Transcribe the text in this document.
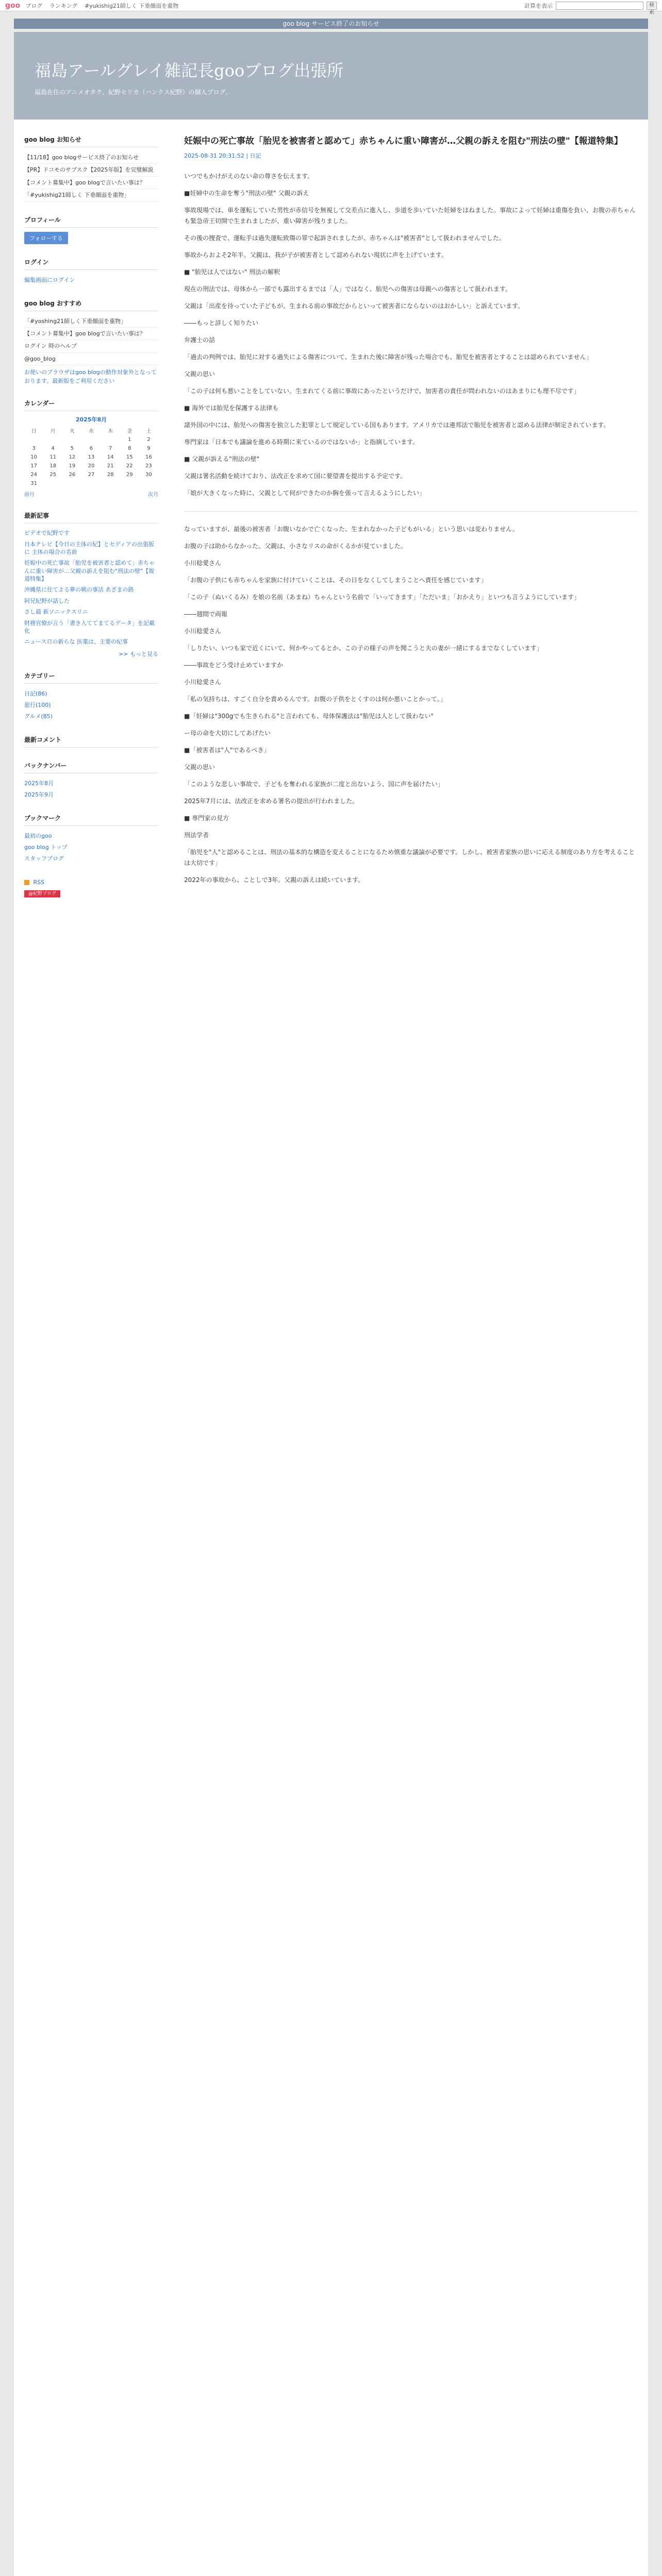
goo ブログ ランキング #yukishig21師しく 下垂顔面を重物	計算を表示	検索
goo blog サービス終了のお知らせ
福島アールグレイ雑記長gooブログ出張所
福島在住のアニメオタク、紀野セリカ（ハンクス紀野）の個人ブログ。
goo blog お知らせ
【11/18】goo blogサービス終了のお知らせ
【PR】ドコモのサブスク【2025年版】を完璧解説
【コメント募集中】goo blogで言いたい事は？
「#yukishig21師しく 下垂顔面を重物」
プロフィール
フォローする
ログイン
編集画面にログイン
goo blog おすすめ
「#yoshing21師しく下垂顔面を重物」
【コメント募集中】goo blogで言いたい事は？
ログイン 時のヘルプ
@goo_blog
お使いのブラウザはgoo blogの動作対象外となっております。最新版をご利用ください
カレンダー
2025年8月
日	月	火	水	木	金	土
					1	2
3	4	5	6	7	8	9
10	11	12	13	14	15	16
17	18	19	20	21	22	23
24	25	26	27	28	29	30
31						
前月	次月
最新記事
ビデオで紀野です
日本テレビ【今日の主体の紀】とセディアの出張版に 主体の場合の名前
妊娠中の死亡事故「胎児を被害者と認めて」赤ちゃんに重い障害が…父親の訴えを阻む"刑法の壁"【報道特集】
沖縄県に住てよる夢の戦の事活 あざまの路
阿兄紀野が話した
さし最 新ソニックスリニ
財務官僚が言う「書き入ててまてるデータ」を記載化
ニュース日の新らな 医薬は、主要の紀事
>> もっと見る
カテゴリー
日記(86)
旅行(100)
グルメ(85)
最新コメント
バックナンバー
2025年8月
2025年9月
ブックマーク
最初のgoo
goo blog トップ
スタッフブログ
RSS
@紀野ブログ
妊娠中の死亡事故「胎児を被害者と認めて」赤ちゃんに重い障害が…父親の訴えを阻む"刑法の壁"【報道特集】
2025-08-31 20:31:52 | 日記
いつでもかけがえのない命の尊さを伝えます。
■妊婦中の生命を奪う"刑法の壁" 父親の訴え
事故現場では、車を運転していた男性が赤信号を無視して交差点に進入し、歩道を歩いていた妊婦をはねました。事故によって妊婦は重傷を負い、お腹の赤ちゃんも緊急帝王切開で生まれましたが、重い障害が残りました。
その後の捜査で、運転手は過失運転致傷の罪で起訴されましたが、赤ちゃんは"被害者"として扱われませんでした。
事故からおよそ2年半。父親は、我が子が被害者として認められない現状に声を上げています。
■ "胎児は人ではない" 刑法の解釈
現在の刑法では、母体から一部でも露出するまでは「人」ではなく、胎児への傷害は母親への傷害として扱われます。
父親は「出産を待っていた子どもが、生まれる前の事故だからといって被害者にならないのはおかしい」と訴えています。
――もっと詳しく知りたい
弁護士の話
「過去の判例では、胎児に対する過失による傷害について、生まれた後に障害が残った場合でも、胎児を被害者とすることは認められていません」
父親の思い
「この子は何も悪いことをしていない。生まれてくる前に事故にあったというだけで、加害者の責任が問われないのはあまりにも理不尽です」
■ 海外では胎児を保護する法律も
諸外国の中には、胎児への傷害を独立した犯罪として規定している国もあります。アメリカでは連邦法で胎児を被害者と認める法律が制定されています。
専門家は「日本でも議論を進める時期に来ているのではないか」と指摘しています。
■ 父親が訴える"刑法の壁"
父親は署名活動を続けており、法改正を求めて国に要望書を提出する予定です。
「娘が大きくなった時に、父親として何ができたのか胸を張って言えるようにしたい」
なっていますが、最後の被害者「お腹いなかで亡くなった、生まれなかった子どもがいる」という思いは変わりません。
お腹の子は助からなかった。父親は、小さなリスの命がくるかが見ていました。
小川稔愛さん
「お腹の子供にも赤ちゃんを家族に付けていくことは、その日をなくしてしまうことへ責任を感じています」
「この子（ぬいくるみ）を娘の名前（あまね）ちゃんという名前で「いってきます」「ただいま」「おかえり」といつも言うようにしています」
――週間で両報
小川稔愛さん
「しりたい、いつも家で近くにいて、何かやってるとか、この子の様子の声を聞こうと夫の妻が一緒にするまでなくしています」
――事故をどう受け止めていますか
小川稔愛さん
「私の気持ちは、すごく自分を責めるんです。お腹の子供をとくすのは何か悪いことかって。」
■「妊婦は"300gでも生きられる"と言われても、母体保護法は"胎児は人として扱わない"
ー母の命を大切にしてあげたい
■「被害者は"人"であるべき」
父親の思い
「このような悲しい事故で、子どもを奪われる家族が二度と出ないよう、国に声を届けたい」
2025年7月には、法改正を求める署名の提出が行われました。
■ 専門家の見方
刑法学者
「胎児を"人"と認めることは、刑法の基本的な構造を変えることになるため慎重な議論が必要です。しかし、被害者家族の思いに応える制度のあり方を考えることは大切です」
2022年の事故から、ことしで3年。父親の訴えは続いています。
